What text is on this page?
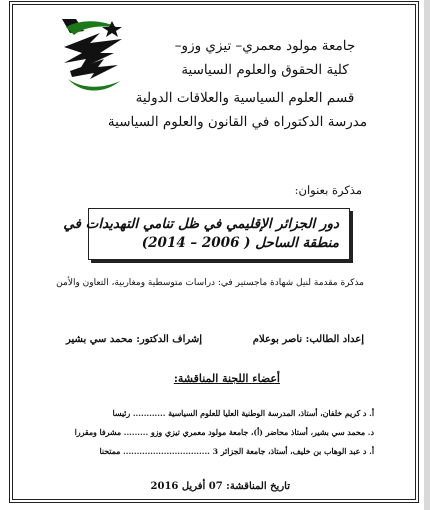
جامعة مولود معمري– تيزي وزو–
كلية الحقوق والعلوم السياسية
قسم العلوم السياسية والعلاقات الدولية
مدرسة الدكتوراه في القانون والعلوم السياسية
مذكرة بعنوان:
دور الجزائر الإقليمي في ظل تنامي التهديدات في
منطقة الساحل ( 2006 – 2014)
مذكرة مقدمة لنيل شهادة ماجستير في: دراسات متوسطية ومغاربية، التعاون والأمن
إعداد الطالب: ناصر بوعلام
إشراف الدكتور: محمد سي بشير
أعضاء اللجنة المناقشة:
أ. د كريم خلفان، أستاذ، المدرسة الوطنية العليا للعلوم السياسية ............ رئيسا
د. محمد سي بشير، أستاذ محاضر (أ)، جامعة مولود معمري تيزي وزو ......... مشرفا ومقررا
أ. د عبد الوهاب بن خليف، أستاذ، جامعة الجزائر 3 ................................ ممتحنا
تاريخ المناقشة: 07 أفريل 2016
